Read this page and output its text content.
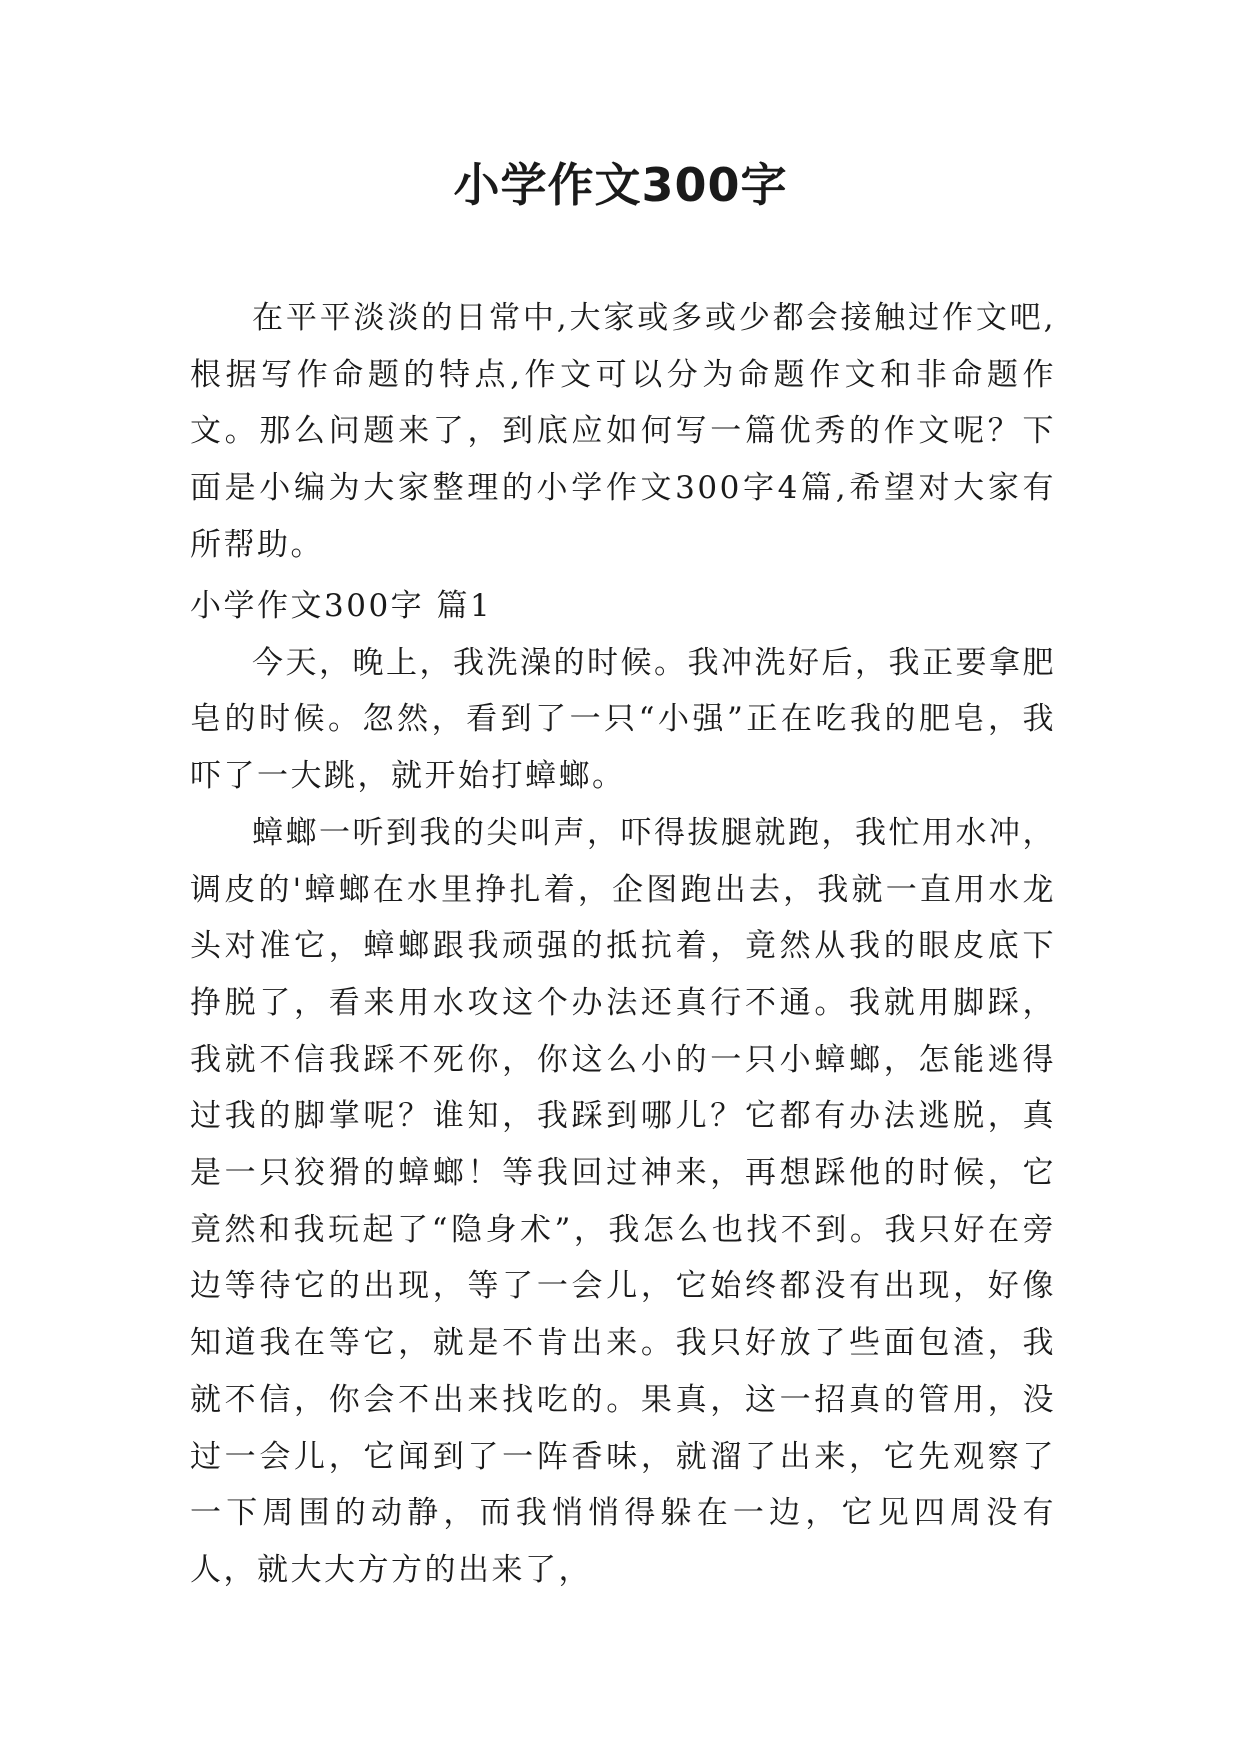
小学作文300字

在平平淡淡的日常中,大家或多或少都会接触过作文吧,根据写作命题的特点,作文可以分为命题作文和非命题作文。那么问题来了，到底应如何写一篇优秀的作文呢？下面是小编为大家整理的小学作文300字4篇,希望对大家有所帮助。

小学作文300字 篇1

今天，晚上，我洗澡的时候。我冲洗好后，我正要拿肥皂的时候。忽然，看到了一只“小强”正在吃我的肥皂，我吓了一大跳，就开始打蟑螂。

蟑螂一听到我的尖叫声，吓得拔腿就跑，我忙用水冲，调皮的'蟑螂在水里挣扎着，企图跑出去，我就一直用水龙头对准它，蟑螂跟我顽强的抵抗着，竟然从我的眼皮底下挣脱了，看来用水攻这个办法还真行不通。我就用脚踩，我就不信我踩不死你，你这么小的一只小蟑螂，怎能逃得过我的脚掌呢？谁知，我踩到哪儿？它都有办法逃脱，真是一只狡猾的蟑螂！等我回过神来，再想踩他的时候，它竟然和我玩起了“隐身术”，我怎么也找不到。我只好在旁边等待它的出现，等了一会儿，它始终都没有出现，好像知道我在等它，就是不肯出来。我只好放了些面包渣，我就不信，你会不出来找吃的。果真，这一招真的管用，没过一会儿，它闻到了一阵香味，就溜了出来，它先观察了一下周围的动静，而我悄悄得躲在一边，它见四周没有人，就大大方方的出来了，
